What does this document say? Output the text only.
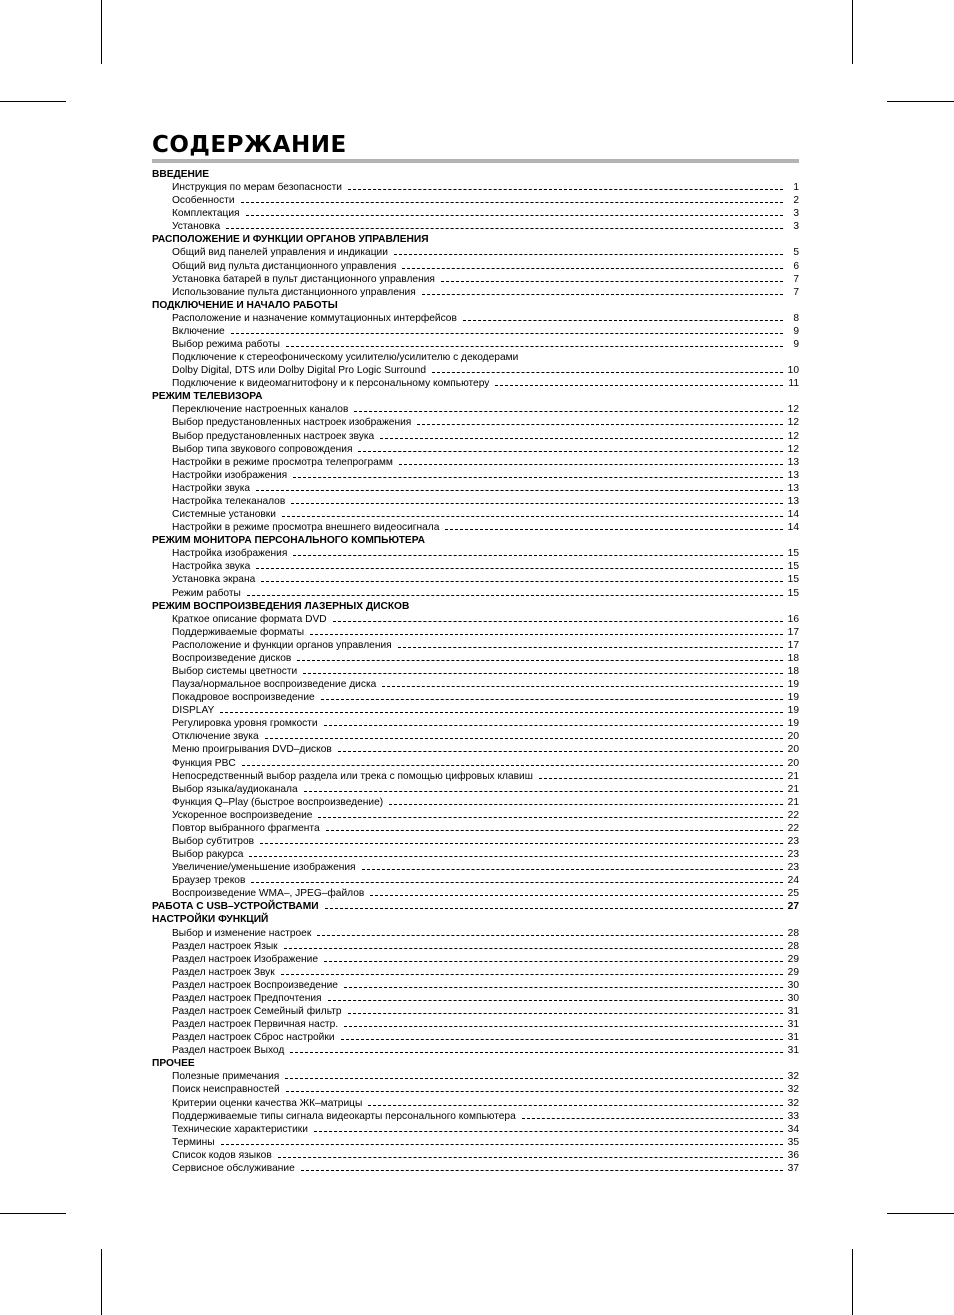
СОДЕРЖАНИЕ
ВВЕДЕНИЕ
Инструкция по мерам безопасности	1
Особенности	2
Комплектация	3
Установка	3
РАСПОЛОЖЕНИЕ И ФУНКЦИИ ОРГАНОВ УПРАВЛЕНИЯ
Общий вид панелей управления и индикации	5
Общий вид пульта дистанционного управления	6
Установка батарей в пульт дистанционного управления	7
Использование пульта дистанционного управления	7
ПОДКЛЮЧЕНИЕ И НАЧАЛО РАБОТЫ
Расположение и назначение коммутационных интерфейсов	8
Включение	9
Выбор режима работы	9
Подключение к стереофоническому усилителю/усилителю с декодерами
Dolby Digital, DTS или Dolby Digital Pro Logic Surround	10
Подключение к видеомагнитофону и к персональному компьютеру	11
РЕЖИМ ТЕЛЕВИЗОРА
Переключение настроенных каналов	12
Выбор предустановленных настроек изображения	12
Выбор предустановленных настроек звука	12
Выбор типа звукового сопровождения	12
Настройки в режиме просмотра телепрограмм	13
Настройки изображения	13
Настройки звука	13
Настройка телеканалов	13
Системные установки	14
Настройки в режиме просмотра внешнего видеосигнала	14
РЕЖИМ МОНИТОРА ПЕРСОНАЛЬНОГО КОМПЬЮТЕРА
Настройка изображения	15
Настройка звука	15
Установка экрана	15
Режим работы	15
РЕЖИМ ВОСПРОИЗВЕДЕНИЯ ЛАЗЕРНЫХ ДИСКОВ
Краткое описание формата DVD	16
Поддерживаемые форматы	17
Расположение и функции органов управления	17
Воспроизведение дисков	18
Выбор системы цветности	18
Пауза/нормальное воспроизведение диска	19
Покадровое воспроизведение	19
DISPLAY	19
Регулировка уровня громкости	19
Отключение звука	20
Меню проигрывания DVD–дисков	20
Функция PBC	20
Непосредственный выбор раздела или трека с помощью цифровых клавиш	21
Выбор языка/аудиоканала	21
Функция Q–Play (быстрое воспроизведение)	21
Ускоренное воспроизведение	22
Повтор выбранного фрагмента	22
Выбор субтитров	23
Выбор ракурса	23
Увеличение/уменьшение изображения	23
Браузер треков	24
Воспроизведение WMA–, JPEG–файлов	25
РАБОТА С USB–УСТРОЙСТВАМИ	27
НАСТРОЙКИ ФУНКЦИЙ
Выбор и изменение настроек	28
Раздел настроек Язык	28
Раздел настроек Изображение	29
Раздел настроек Звук	29
Раздел настроек Воспроизведение	30
Раздел настроек Предпочтения	30
Раздел настроек Семейный фильтр	31
Раздел настроек Первичная настр.	31
Раздел настроек Сброс настройки	31
Раздел настроек Выход	31
ПРОЧЕЕ
Полезные примечания	32
Поиск неисправностей	32
Критерии оценки качества ЖК–матрицы	32
Поддерживаемые типы сигнала видеокарты персонального компьютера	33
Технические характеристики	34
Термины	35
Список кодов языков	36
Сервисное обслуживание	37
